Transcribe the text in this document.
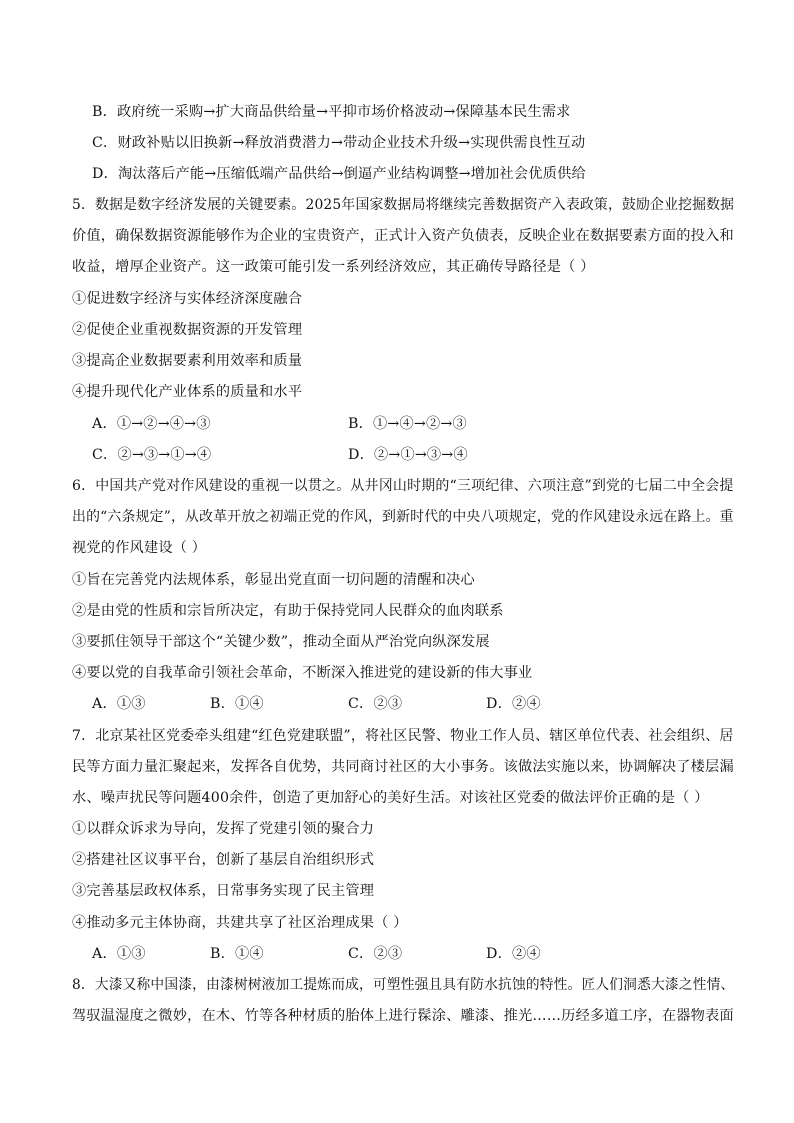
B．政府统一采购→扩大商品供给量→平抑市场价格波动→保障基本民生需求
C．财政补贴以旧换新→释放消费潜力→带动企业技术升级→实现供需良性互动
D．淘汰落后产能→压缩低端产品供给→倒逼产业结构调整→增加社会优质供给
5．数据是数字经济发展的关键要素。2025年国家数据局将继续完善数据资产入表政策，鼓励企业挖掘数据
价值，确保数据资源能够作为企业的宝贵资产，正式计入资产负债表，反映企业在数据要素方面的投入和
收益，增厚企业资产。这一政策可能引发一系列经济效应，其正确传导路径是（ ）
①促进数字经济与实体经济深度融合
②促使企业重视数据资源的开发管理
③提高企业数据要素利用效率和质量
④提升现代化产业体系的质量和水平
A．①→②→④→③	B．①→④→②→③
C．②→③→①→④	D．②→①→③→④
6．中国共产党对作风建设的重视一以贯之。从井冈山时期的“三项纪律、六项注意”到党的七届二中全会提
出的“六条规定”，从改革开放之初端正党的作风，到新时代的中央八项规定，党的作风建设永远在路上。重
视党的作风建设（ ）
①旨在完善党内法规体系，彰显出党直面一切问题的清醒和决心
②是由党的性质和宗旨所决定，有助于保持党同人民群众的血肉联系
③要抓住领导干部这个“关键少数”，推动全面从严治党向纵深发展
④要以党的自我革命引领社会革命，不断深入推进党的建设新的伟大事业
A．①③	B．①④	C．②③	D．②④
7．北京某社区党委牵头组建“红色党建联盟”，将社区民警、物业工作人员、辖区单位代表、社会组织、居
民等方面力量汇聚起来，发挥各自优势，共同商讨社区的大小事务。该做法实施以来，协调解决了楼层漏
水、噪声扰民等问题400余件，创造了更加舒心的美好生活。对该社区党委的做法评价正确的是（ ）
①以群众诉求为导向，发挥了党建引领的聚合力
②搭建社区议事平台，创新了基层自治组织形式
③完善基层政权体系，日常事务实现了民主管理
④推动多元主体协商，共建共享了社区治理成果（ ）
A．①③	B．①④	C．②③	D．②④
8．大漆又称中国漆，由漆树树液加工提炼而成，可塑性强且具有防水抗蚀的特性。匠人们洞悉大漆之性情、
驾驭温湿度之微妙，在木、竹等各种材质的胎体上进行髹涂、雕漆、推光……历经多道工序，在器物表面
